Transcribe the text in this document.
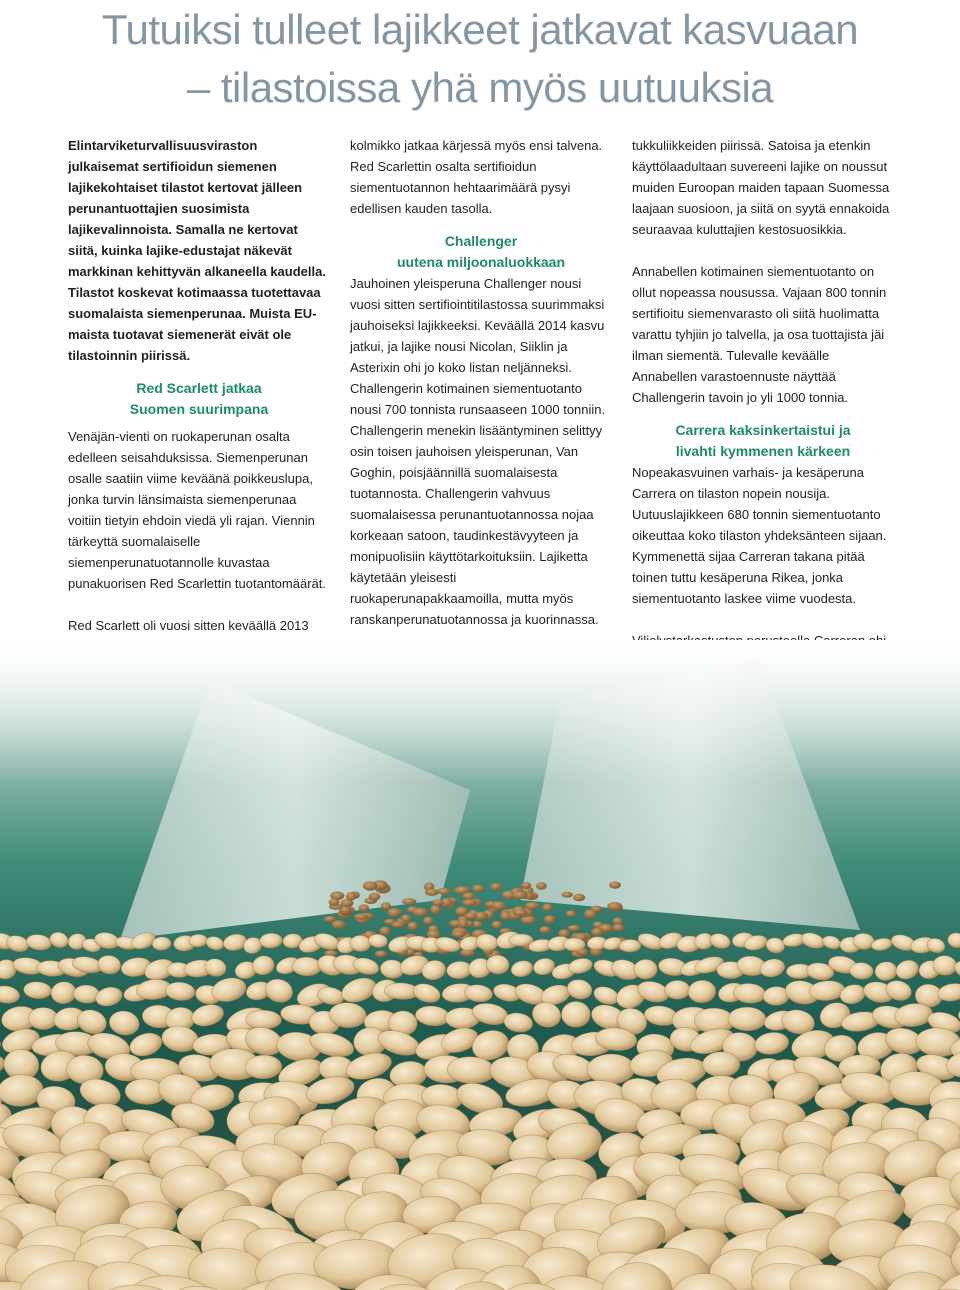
Tutuiksi tulleet lajikkeet jatkavat kasvuaan
– tilastoissa yhä myös uutuuksia

Elintarviketurvallisuusviraston julkaisemat sertifioidun siemenen lajikekohtaiset tilastot kertovat jälleen perunantuottajien suosimista lajikevalinnoista. Samalla ne kertovat siitä, kuinka lajike-edustajat näkevät markkinan kehittyvän alkaneella kaudella. Tilastot koskevat kotimaassa tuotettavaa suomalaista siemenperunaa. Muista EU-maista tuotavat siemenerät eivät ole tilastoinnin piirissä.

Red Scarlett jatkaa

Suomen suurimpana

Venäjän-vienti on ruokaperunan osalta edelleen seisahduksissa. Siemenperunan osalle saatiin viime keväänä poikkeuslupa, jonka turvin länsimaista siemenperunaa voitiin tietyin ehdoin viedä yli rajan. Viennin tärkeyttä suomalaiselle siemenperunatuotannolle kuvastaa punakuorisen Red Scarlettin tuotantomäärät.

Red Scarlett oli vuosi sitten keväällä 2013

kolmikko jatkaa kärjessä myös ensi talvena. Red Scarlettin osalta sertifioidun siementuotannon hehtaarimäärä pysyi edellisen kauden tasolla.

Challenger

uutena miljoonaluokkaan

Jauhoinen yleisperuna Challenger nousi vuosi sitten sertifiointitilastossa suurimmaksi jauhoiseksi lajikkeeksi. Keväällä 2014 kasvu jatkui, ja lajike nousi Nicolan, Siiklin ja Asterixin ohi jo koko listan neljänneksi. Challengerin kotimainen siementuotanto nousi 700 tonnista runsaaseen 1000 tonniin.

Challengerin menekin lisääntyminen selittyy osin toisen jauhoisen yleisperunan, Van Goghin, poisjäännillä suomalaisesta tuotannosta. Challengerin vahvuus suomalaisessa perunantuotannossa nojaa korkeaan satoon, taudinkestävyyteen ja monipuolisiin käyttötarkoituksiin. Lajiketta käytetään yleisesti ruokaperunapakkaamoilla, mutta myös ranskanperunatuotannossa ja kuorinnassa.

tukkuliikkeiden piirissä. Satoisa ja etenkin käyttölaadultaan suvereeni lajike on noussut muiden Euroopan maiden tapaan Suomessa laajaan suosioon, ja siitä on syytä ennakoida seuraavaa kuluttajien kestosuosikkia.

Annabellen kotimainen siementuotanto on ollut nopeassa nousussa. Vajaan 800 tonnin sertifioitu siemenvarasto oli siitä huolimatta varattu tyhjiin jo talvella, ja osa tuottajista jäi ilman siementä. Tulevalle keväälle Annabellen varastoennuste näyttää Challengerin tavoin jo yli 1000 tonnia.

Carrera kaksinkertaistui ja

livahti kymmenen kärkeen

Nopeakasvuinen varhais- ja kesäperuna Carrera on tilaston nopein nousija. Uutuuslajikkeen 680 tonnin siementuotanto oikeuttaa koko tilaston yhdeksänteen sijaan. Kymmenettä sijaa Carreran takana pitää toinen tuttu kesäperuna Rikea, jonka siementuotanto laskee viime vuodesta.
